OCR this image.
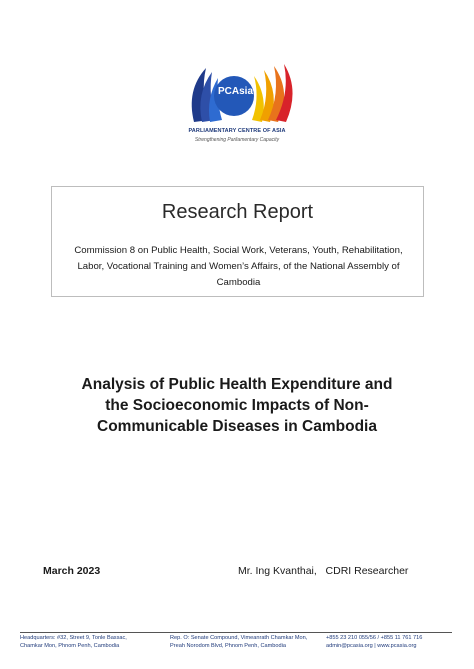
PCAsia
PARLIAMENTARY CENTRE OF ASIA
Strengthening Parliamentary Capacity
Research Report
Commission 8 on Public Health, Social Work, Veterans, Youth, Rehabilitation, Labor, Vocational Training and Women’s Affairs, of the National Assembly of Cambodia
Analysis of Public Health Expenditure and
the Socioeconomic Impacts of Non-
Communicable Diseases in Cambodia
March 2023	Mr. Ing Kvanthai,   CDRI Researcher
Headquarters: #32, Street 9, Tonle Bassac,
Chamkar Mon, Phnom Penh, Cambodia
Rep. O: Senate Compound, Vimeanrath Chamkar Mon,
Preah Norodom Blvd, Phnom Penh, Cambodia
+855 23 210 055/56 / +855 11 761 716
admin@pcasia.org | www.pcasia.org
